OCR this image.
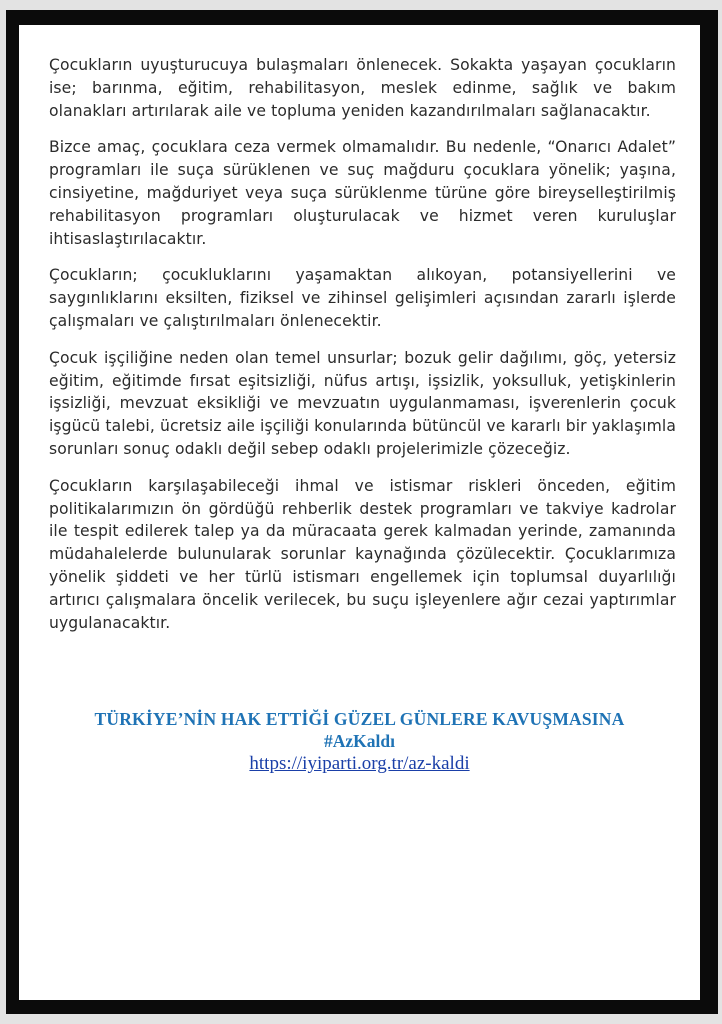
Çocukların uyuşturucuya bulaşmaları önlenecek. Sokakta yaşayan çocukların ise; barınma, eğitim, rehabilitasyon, meslek edinme, sağlık ve bakım olanakları artırılarak aile ve topluma yeniden kazandırılmaları sağlanacaktır.

Bizce amaç, çocuklara ceza vermek olmamalıdır. Bu nedenle, “Onarıcı Adalet” programları ile suça sürüklenen ve suç mağduru çocuklara yönelik; yaşına, cinsiyetine, mağduriyet veya suça sürüklenme türüne göre bireyselleştirilmiş rehabilitasyon programları oluşturulacak ve hizmet veren kuruluşlar ihtisaslaştırılacaktır.

Çocukların; çocukluklarını yaşamaktan alıkoyan, potansiyellerini ve saygınlıklarını eksilten, fiziksel ve zihinsel gelişimleri açısından zararlı işlerde çalışmaları ve çalıştırılmaları önlenecektir.

Çocuk işçiliğine neden olan temel unsurlar; bozuk gelir dağılımı, göç, yetersiz eğitim, eğitimde fırsat eşitsizliği, nüfus artışı, işsizlik, yoksulluk, yetişkinlerin işsizliği, mevzuat eksikliği ve mevzuatın uygulanmaması, işverenlerin çocuk işgücü talebi, ücretsiz aile işçiliği konularında bütüncül ve kararlı bir yaklaşımla sorunları sonuç odaklı değil sebep odaklı projelerimizle çözeceğiz.

Çocukların karşılaşabileceği ihmal ve istismar riskleri önceden, eğitim politikalarımızın ön gördüğü rehberlik destek programları ve takviye kadrolar ile tespit edilerek talep ya da müracaata gerek kalmadan yerinde, zamanında müdahalelerde bulunularak sorunlar kaynağında çözülecektir. Çocuklarımıza yönelik şiddeti ve her türlü istismarı engellemek için toplumsal duyarlılığı artırıcı çalışmalara öncelik verilecek, bu suçu işleyenlere ağır cezai yaptırımlar uygulanacaktır.

TÜRKİYE’NİN HAK ETTİĞİ GÜZEL GÜNLERE KAVUŞMASINA
#AzKaldı
https://iyiparti.org.tr/az-kaldi
